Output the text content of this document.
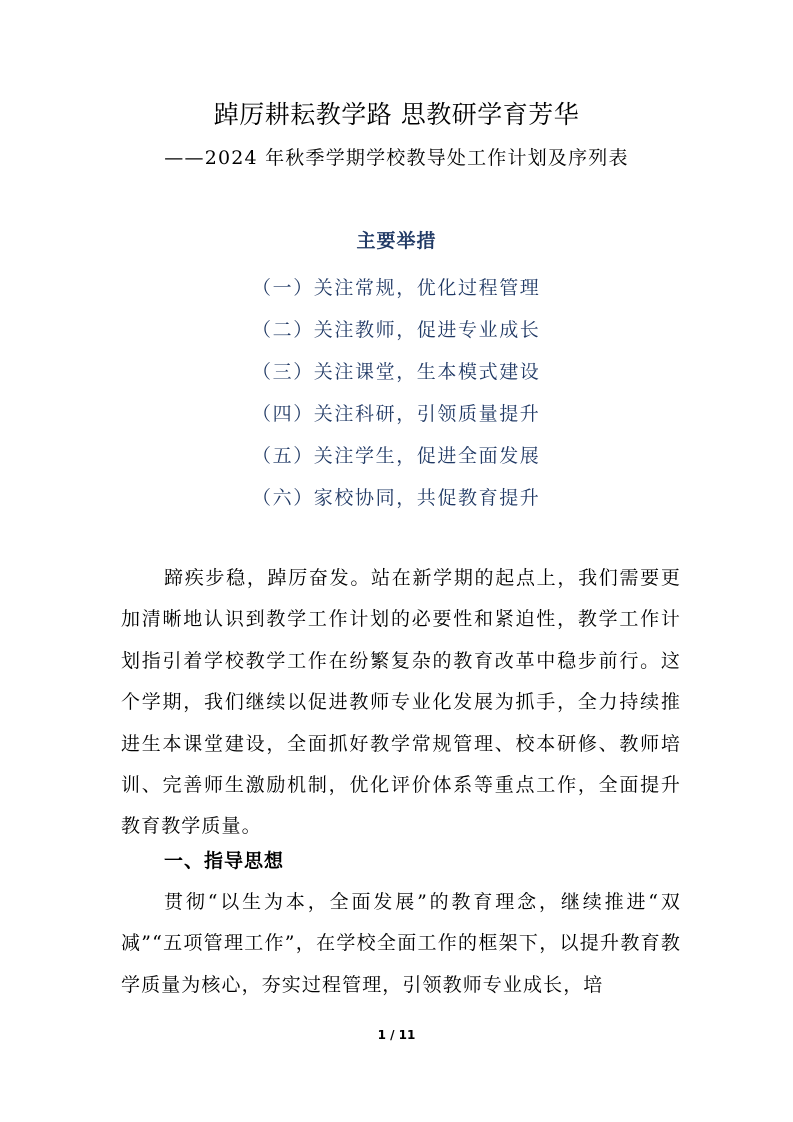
踔厉耕耘教学路 思教研学育芳华
——2024 年秋季学期学校教导处工作计划及序列表
主要举措
（一）关注常规，优化过程管理
（二）关注教师，促进专业成长
（三）关注课堂，生本模式建设
（四）关注科研，引领质量提升
（五）关注学生，促进全面发展
（六）家校协同，共促教育提升

蹄疾步稳，踔厉奋发。站在新学期的起点上，我们需要更加清晰地认识到教学工作计划的必要性和紧迫性，教学工作计划指引着学校教学工作在纷繁复杂的教育改革中稳步前行。这个学期，我们继续以促进教师专业化发展为抓手，全力持续推进生本课堂建设，全面抓好教学常规管理、校本研修、教师培训、完善师生激励机制，优化评价体系等重点工作，全面提升教育教学质量。

一、指导思想

贯彻“以生为本，全面发展”的教育理念，继续推进“双减”“五项管理工作”，在学校全面工作的框架下，以提升教育教学质量为核心，夯实过程管理，引领教师专业成长，培

1 / 11
